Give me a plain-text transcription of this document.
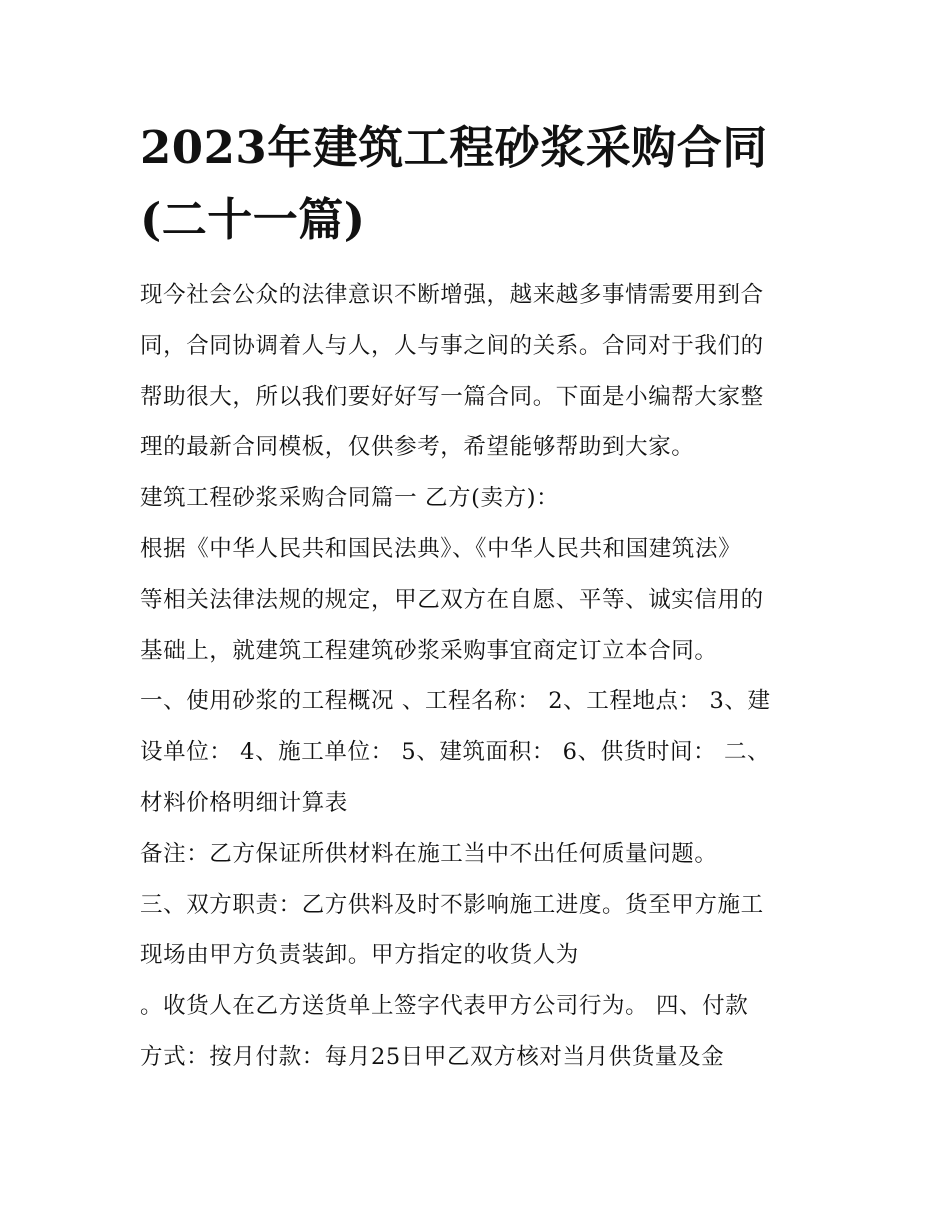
2023年建筑工程砂浆采购合同
(二十一篇)
现今社会公众的法律意识不断增强，越来越多事情需要用到合
同，合同协调着人与人，人与事之间的关系。合同对于我们的
帮助很大，所以我们要好好写一篇合同。下面是小编帮大家整
理的最新合同模板，仅供参考，希望能够帮助到大家。
建筑工程砂浆采购合同篇一 乙方(卖方)：
根据《中华人民共和国民法典》、《中华人民共和国建筑法》
等相关法律法规的规定，甲乙双方在自愿、平等、诚实信用的
基础上，就建筑工程建筑砂浆采购事宜商定订立本合同。
一、使用砂浆的工程概况 、工程名称： 2、工程地点： 3、建
设单位： 4、施工单位： 5、建筑面积： 6、供货时间： 二、
材料价格明细计算表
备注：乙方保证所供材料在施工当中不出任何质量问题。
三、双方职责：乙方供料及时不影响施工进度。货至甲方施工
现场由甲方负责装卸。甲方指定的收货人为
。收货人在乙方送货单上签字代表甲方公司行为。 四、付款
方式：按月付款：每月25日甲乙双方核对当月供货量及金
